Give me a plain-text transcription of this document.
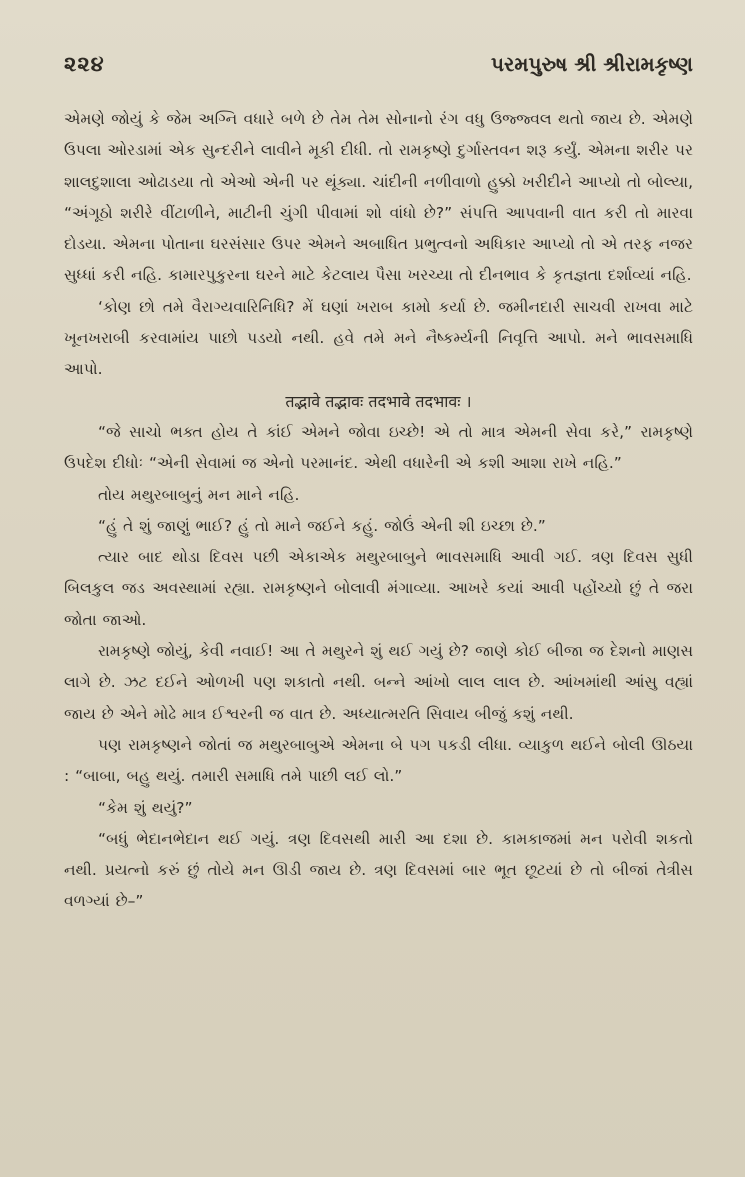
૨૨૪	પરમપુરુષ શ્રી શ્રીરામકૃષ્ણ

એમણે જોયું કે જેમ અગ્નિ વધારે બળે છે તેમ તેમ સોનાનો રંગ વધુ ઉજ્જ્વલ થતો જાય છે. એમણે ઉપલા ઓરડામાં એક સુન્દરીને લાવીને મૂકી દીધી. તો રામકૃષ્ણે દુર્ગાસ્તવન શરૂ કર્યું. એમના શરીર પર શાલદુશાલા ઓઢાડયા તો એઓ એની પર થૂંક્યા. ચાંદીની નળીવાળો હુક્કો ખરીદીને આપ્યો તો બોલ્યા, “અંગૂઠો શરીરે વીંટાળીને, માટીની ચુંગી પીવામાં શો વાંધો છે?” સંપત્તિ આપવાની વાત કરી તો મારવા દોડયા. એમના પોતાના ઘરસંસાર ઉપર એમને અબાધિત પ્રભુત્વનો અધિકાર આપ્યો તો એ તરફ નજર સુધ્ધાં કરી નહિ. કામારપુકુરના ઘરને માટે કેટલાય પૈસા ખરચ્યા તો દીનભાવ કે કૃતજ્ઞતા દર્શાવ્યાં નહિ.

‘કોણ છો તમે વૈરાગ્યવારિનિધિ? મેં ઘણાં ખરાબ કામો કર્યા છે. જમીનદારી સાચવી રાખવા માટે ખૂનખરાબી કરવામાંય પાછો પડયો નથી. હવે તમે મને નૈષ્કર્મ્યની નિવૃત્તિ આપો. મને ભાવસમાધિ આપો.

तद्भावे तद्भावः तदभावे तदभावः ।

“જે સાચો ભક્ત હોય તે કાંઈ એમને જોવા ઇચ્છે! એ તો માત્ર એમની સેવા કરે,” રામકૃષ્ણે ઉપદેશ દીધોઃ “એની સેવામાં જ એનો પરમાનંદ. એથી વધારેની એ કશી આશા રાખે નહિ.”

તોય મથુરબાબુનું મન માને નહિ.

“હું તે શું જાણું ભાઈ? હું તો માને જઈને કહું. જોઉં એની શી ઇચ્છા છે.”

ત્યાર બાદ થોડા દિવસ પછી એકાએક મથુરબાબુને ભાવસમાધિ આવી ગઈ. ત્રણ દિવસ સુધી બિલકુલ જડ અવસ્થામાં રહ્યા. રામકૃષ્ણને બોલાવી મંગાવ્યા. આખરે કયાં આવી પહોંચ્યો છું તે જરા જોતા જાઓ.

રામકૃષ્ણે જોયું, કેવી નવાઈ! આ તે મથુરને શું થઈ ગયું છે? જાણે કોઈ બીજા જ દેશનો માણસ લાગે છે. ઝટ દઈને ઓળખી પણ શકાતો નથી. બન્ને આંખો લાલ લાલ છે. આંખમાંથી આંસુ વહ્યાં જાય છે એને મોઢે માત્ર ઈશ્વરની જ વાત છે. અધ્યાત્મરતિ સિવાય બીજું કશું નથી.

પણ રામકૃષ્ણને જોતાં જ મથુરબાબુએ એમના બે પગ પકડી લીધા. વ્યાકુળ થઈને બોલી ઊઠયા : “બાબા, બહુ થયું. તમારી સમાધિ તમે પાછી લઈ લો.”

“કેમ શું થયું?”

“બધું ભેદાનભેદાન થઈ ગયું. ત્રણ દિવસથી મારી આ દશા છે. કામકાજમાં મન પરોવી શકતો નથી. પ્રયત્નો કરું છું તોયે મન ઊડી જાય છે. ત્રણ દિવસમાં બાર ભૂત છૂટયાં છે તો બીજાં તેત્રીસ વળગ્યાં છે–”
